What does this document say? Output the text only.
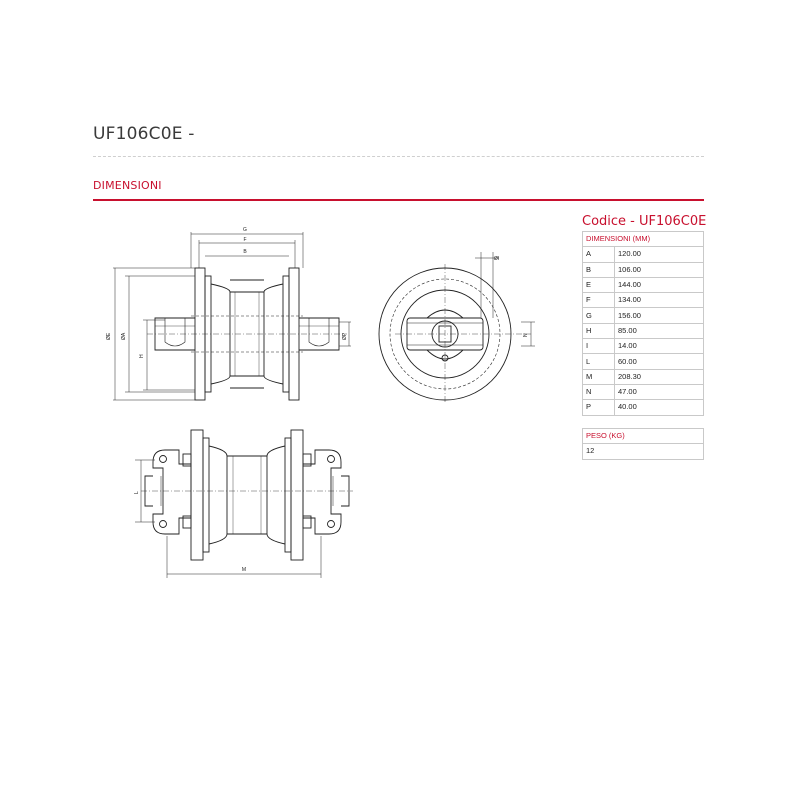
UF106C0E -
DIMENSIONI
G
F
B
ØE ØA
H
ØP
ØI
N
L
M
Codice - UF106C0E
DIMENSIONI (MM)	
A	120.00
B	106.00
E	144.00
F	134.00
G	156.00
H	85.00
I	14.00
L	60.00
M	208.30
N	47.00
P	40.00
PESO (KG)
12
